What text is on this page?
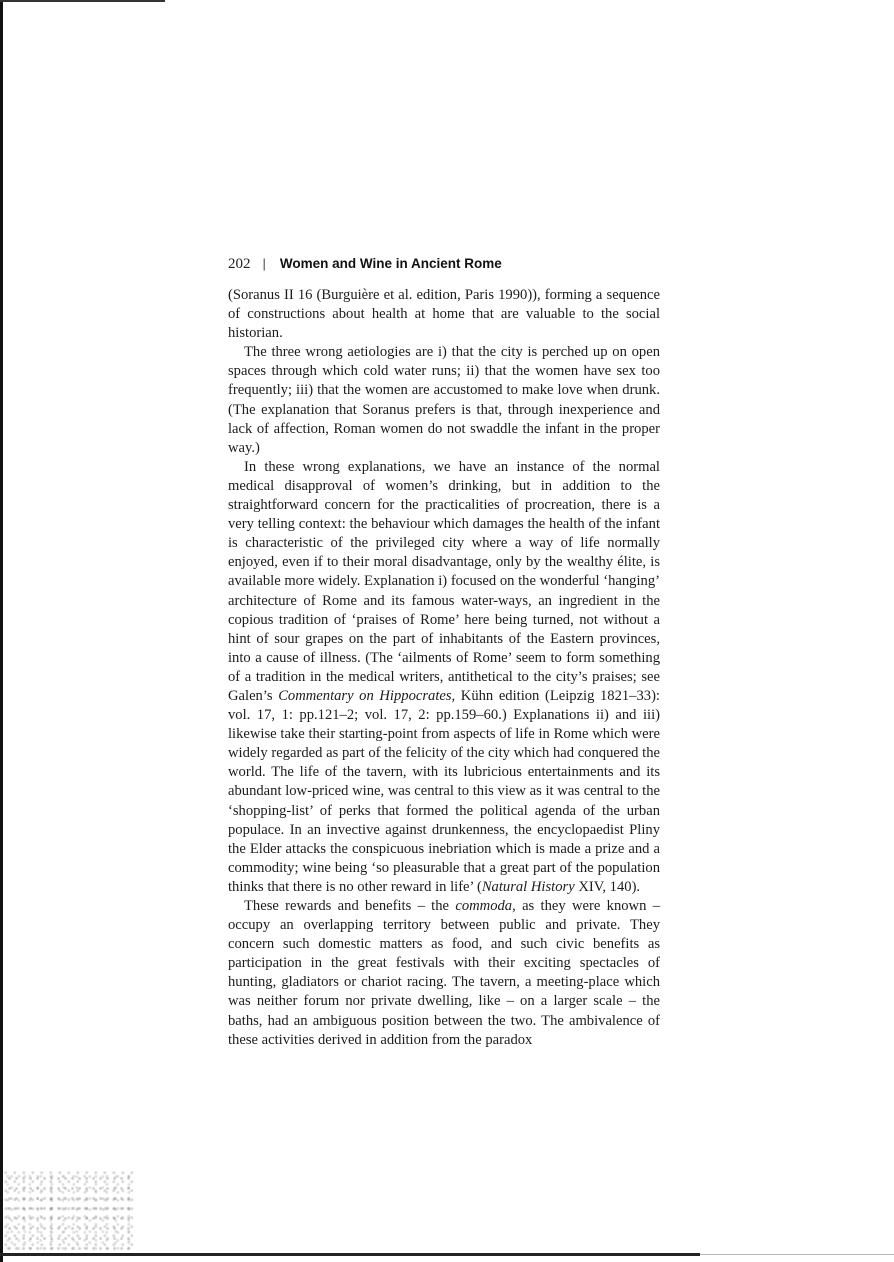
202 | Women and Wine in Ancient Rome

(Soranus II 16 (Burguière et al. edition, Paris 1990)), forming a sequence of constructions about health at home that are valuable to the social historian.

The three wrong aetiologies are i) that the city is perched up on open spaces through which cold water runs; ii) that the women have sex too frequently; iii) that the women are accustomed to make love when drunk. (The explanation that Soranus prefers is that, through inexperience and lack of affection, Roman women do not swaddle the infant in the proper way.)

In these wrong explanations, we have an instance of the normal medical disapproval of women’s drinking, but in addition to the straightforward concern for the practicalities of procreation, there is a very telling context: the behaviour which damages the health of the infant is characteristic of the privileged city where a way of life normally enjoyed, even if to their moral disadvantage, only by the wealthy élite, is available more widely. Explanation i) focused on the wonderful ‘hanging’ architecture of Rome and its famous water-ways, an ingredient in the copious tradition of ‘praises of Rome’ here being turned, not without a hint of sour grapes on the part of inhabitants of the Eastern provinces, into a cause of illness. (The ‘ailments of Rome’ seem to form something of a tradition in the medical writers, antithetical to the city’s praises; see Galen’s Commentary on Hippocrates, Kühn edition (Leipzig 1821–33): vol. 17, 1: pp.121–2; vol. 17, 2: pp.159–60.) Explanations ii) and iii) likewise take their starting-point from aspects of life in Rome which were widely regarded as part of the felicity of the city which had conquered the world. The life of the tavern, with its lubricious entertainments and its abundant low-priced wine, was central to this view as it was central to the ‘shopping-list’ of perks that formed the political agenda of the urban populace. In an invective against drunkenness, the encyclopaedist Pliny the Elder attacks the conspicuous inebriation which is made a prize and a commodity; wine being ‘so pleasurable that a great part of the population thinks that there is no other reward in life’ (Natural History XIV, 140).

These rewards and benefits – the commoda, as they were known – occupy an overlapping territory between public and private. They concern such domestic matters as food, and such civic benefits as participation in the great festivals with their exciting spectacles of hunting, gladiators or chariot racing. The tavern, a meeting-place which was neither forum nor private dwelling, like – on a larger scale – the baths, had an ambiguous position between the two. The ambivalence of these activities derived in addition from the paradox
